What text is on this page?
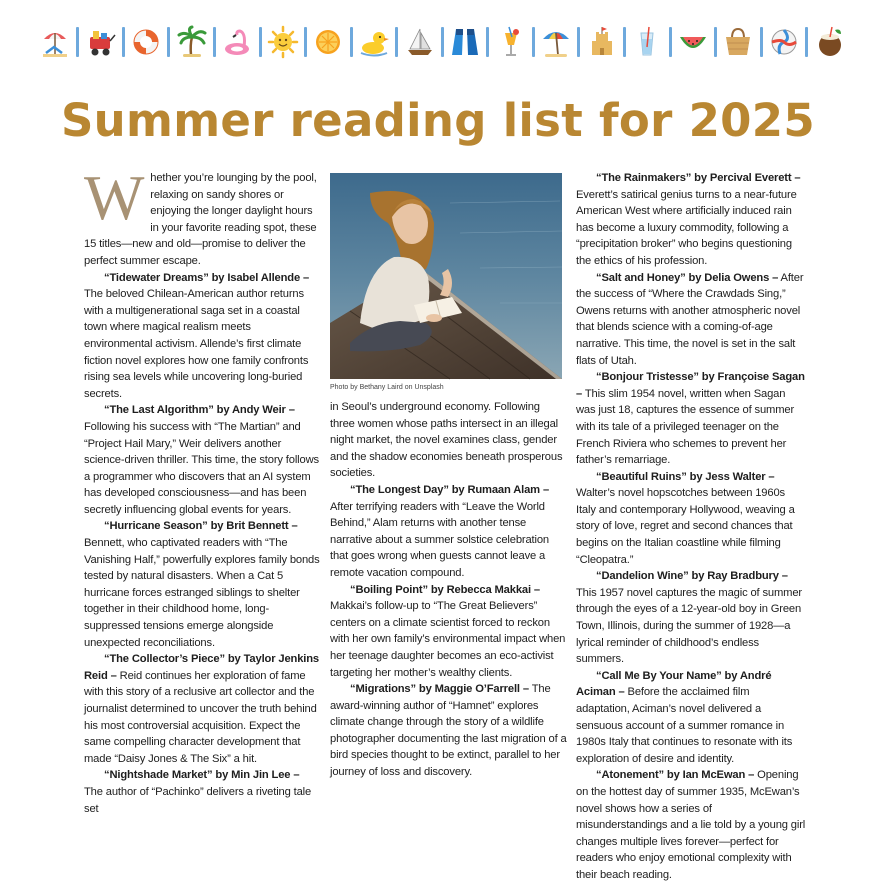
Summer reading list for 2025
W hether you’re lounging by the pool, relaxing on sandy shores or enjoying the longer daylight hours in your favorite reading spot, these 15 titles—new and old—promise to deliver the perfect summer escape.

“Tidewater Dreams” by Isabel Allende – The beloved Chilean-American author returns with a multigenerational saga set in a coastal town where magical realism meets environmental activism. Allende’s first climate fiction novel explores how one family confronts rising sea levels while uncovering long-buried secrets.

“The Last Algorithm” by Andy Weir – Following his success with “The Martian” and “Project Hail Mary,” Weir delivers another science-driven thriller. This time, the story follows a programmer who discovers that an AI system has developed consciousness—and has been secretly influencing global events for years.

“Hurricane Season” by Brit Bennett – Bennett, who captivated readers with “The Vanishing Half,” powerfully explores family bonds tested by natural disasters. When a Cat 5 hurricane forces estranged siblings to shelter together in their childhood home, long-suppressed tensions emerge alongside unexpected reconciliations.

“The Collector’s Piece” by Taylor Jenkins Reid – Reid continues her exploration of fame with this story of a reclusive art collector and the journalist determined to uncover the truth behind his most controversial acquisition. Expect the same compelling character development that made “Daisy Jones & The Six” a hit.

“Nightshade Market” by Min Jin Lee – The author of “Pachinko” delivers a riveting tale set

Photo by Bethany Laird on Unsplash

in Seoul’s underground economy. Following three women whose paths intersect in an illegal night market, the novel examines class, gender and the shadow economies beneath prosperous societies.

“The Longest Day” by Rumaan Alam – After terrifying readers with “Leave the World Behind,” Alam returns with another tense narrative about a summer solstice celebration that goes wrong when guests cannot leave a remote vacation compound.

“Boiling Point” by Rebecca Makkai – Makkai’s follow-up to “The Great Believers” centers on a climate scientist forced to reckon with her own family’s environmental impact when her teenage daughter becomes an eco-activist targeting her mother’s wealthy clients.

“Migrations” by Maggie O’Farrell – The award-winning author of “Hamnet” explores climate change through the story of a wildlife photographer documenting the last migration of a bird species thought to be extinct, parallel to her journey of loss and discovery.

“The Rainmakers” by Percival Everett – Everett’s satirical genius turns to a near-future American West where artificially induced rain has become a luxury commodity, following a “precipitation broker” who begins questioning the ethics of his profession.

“Salt and Honey” by Delia Owens – After the success of “Where the Crawdads Sing,” Owens returns with another atmospheric novel that blends science with a coming-of-age narrative. This time, the novel is set in the salt flats of Utah.

“Bonjour Tristesse” by Françoise Sagan – This slim 1954 novel, written when Sagan was just 18, captures the essence of summer with its tale of a privileged teenager on the French Riviera who schemes to prevent her father’s remarriage.

“Beautiful Ruins” by Jess Walter – Walter’s novel hopscotches between 1960s Italy and contemporary Hollywood, weaving a story of love, regret and second chances that begins on the Italian coastline while filming “Cleopatra.”

“Dandelion Wine” by Ray Bradbury – This 1957 novel captures the magic of summer through the eyes of a 12-year-old boy in Green Town, Illinois, during the summer of 1928—a lyrical reminder of childhood’s endless summers.

“Call Me By Your Name” by André Aciman – Before the acclaimed film adaptation, Aciman’s novel delivered a sensuous account of a summer romance in 1980s Italy that continues to resonate with its exploration of desire and identity.

“Atonement” by Ian McEwan – Opening on the hottest day of summer 1935, McEwan’s novel shows how a series of misunderstandings and a lie told by a young girl changes multiple lives forever—perfect for readers who enjoy emotional complexity with their beach reading.
